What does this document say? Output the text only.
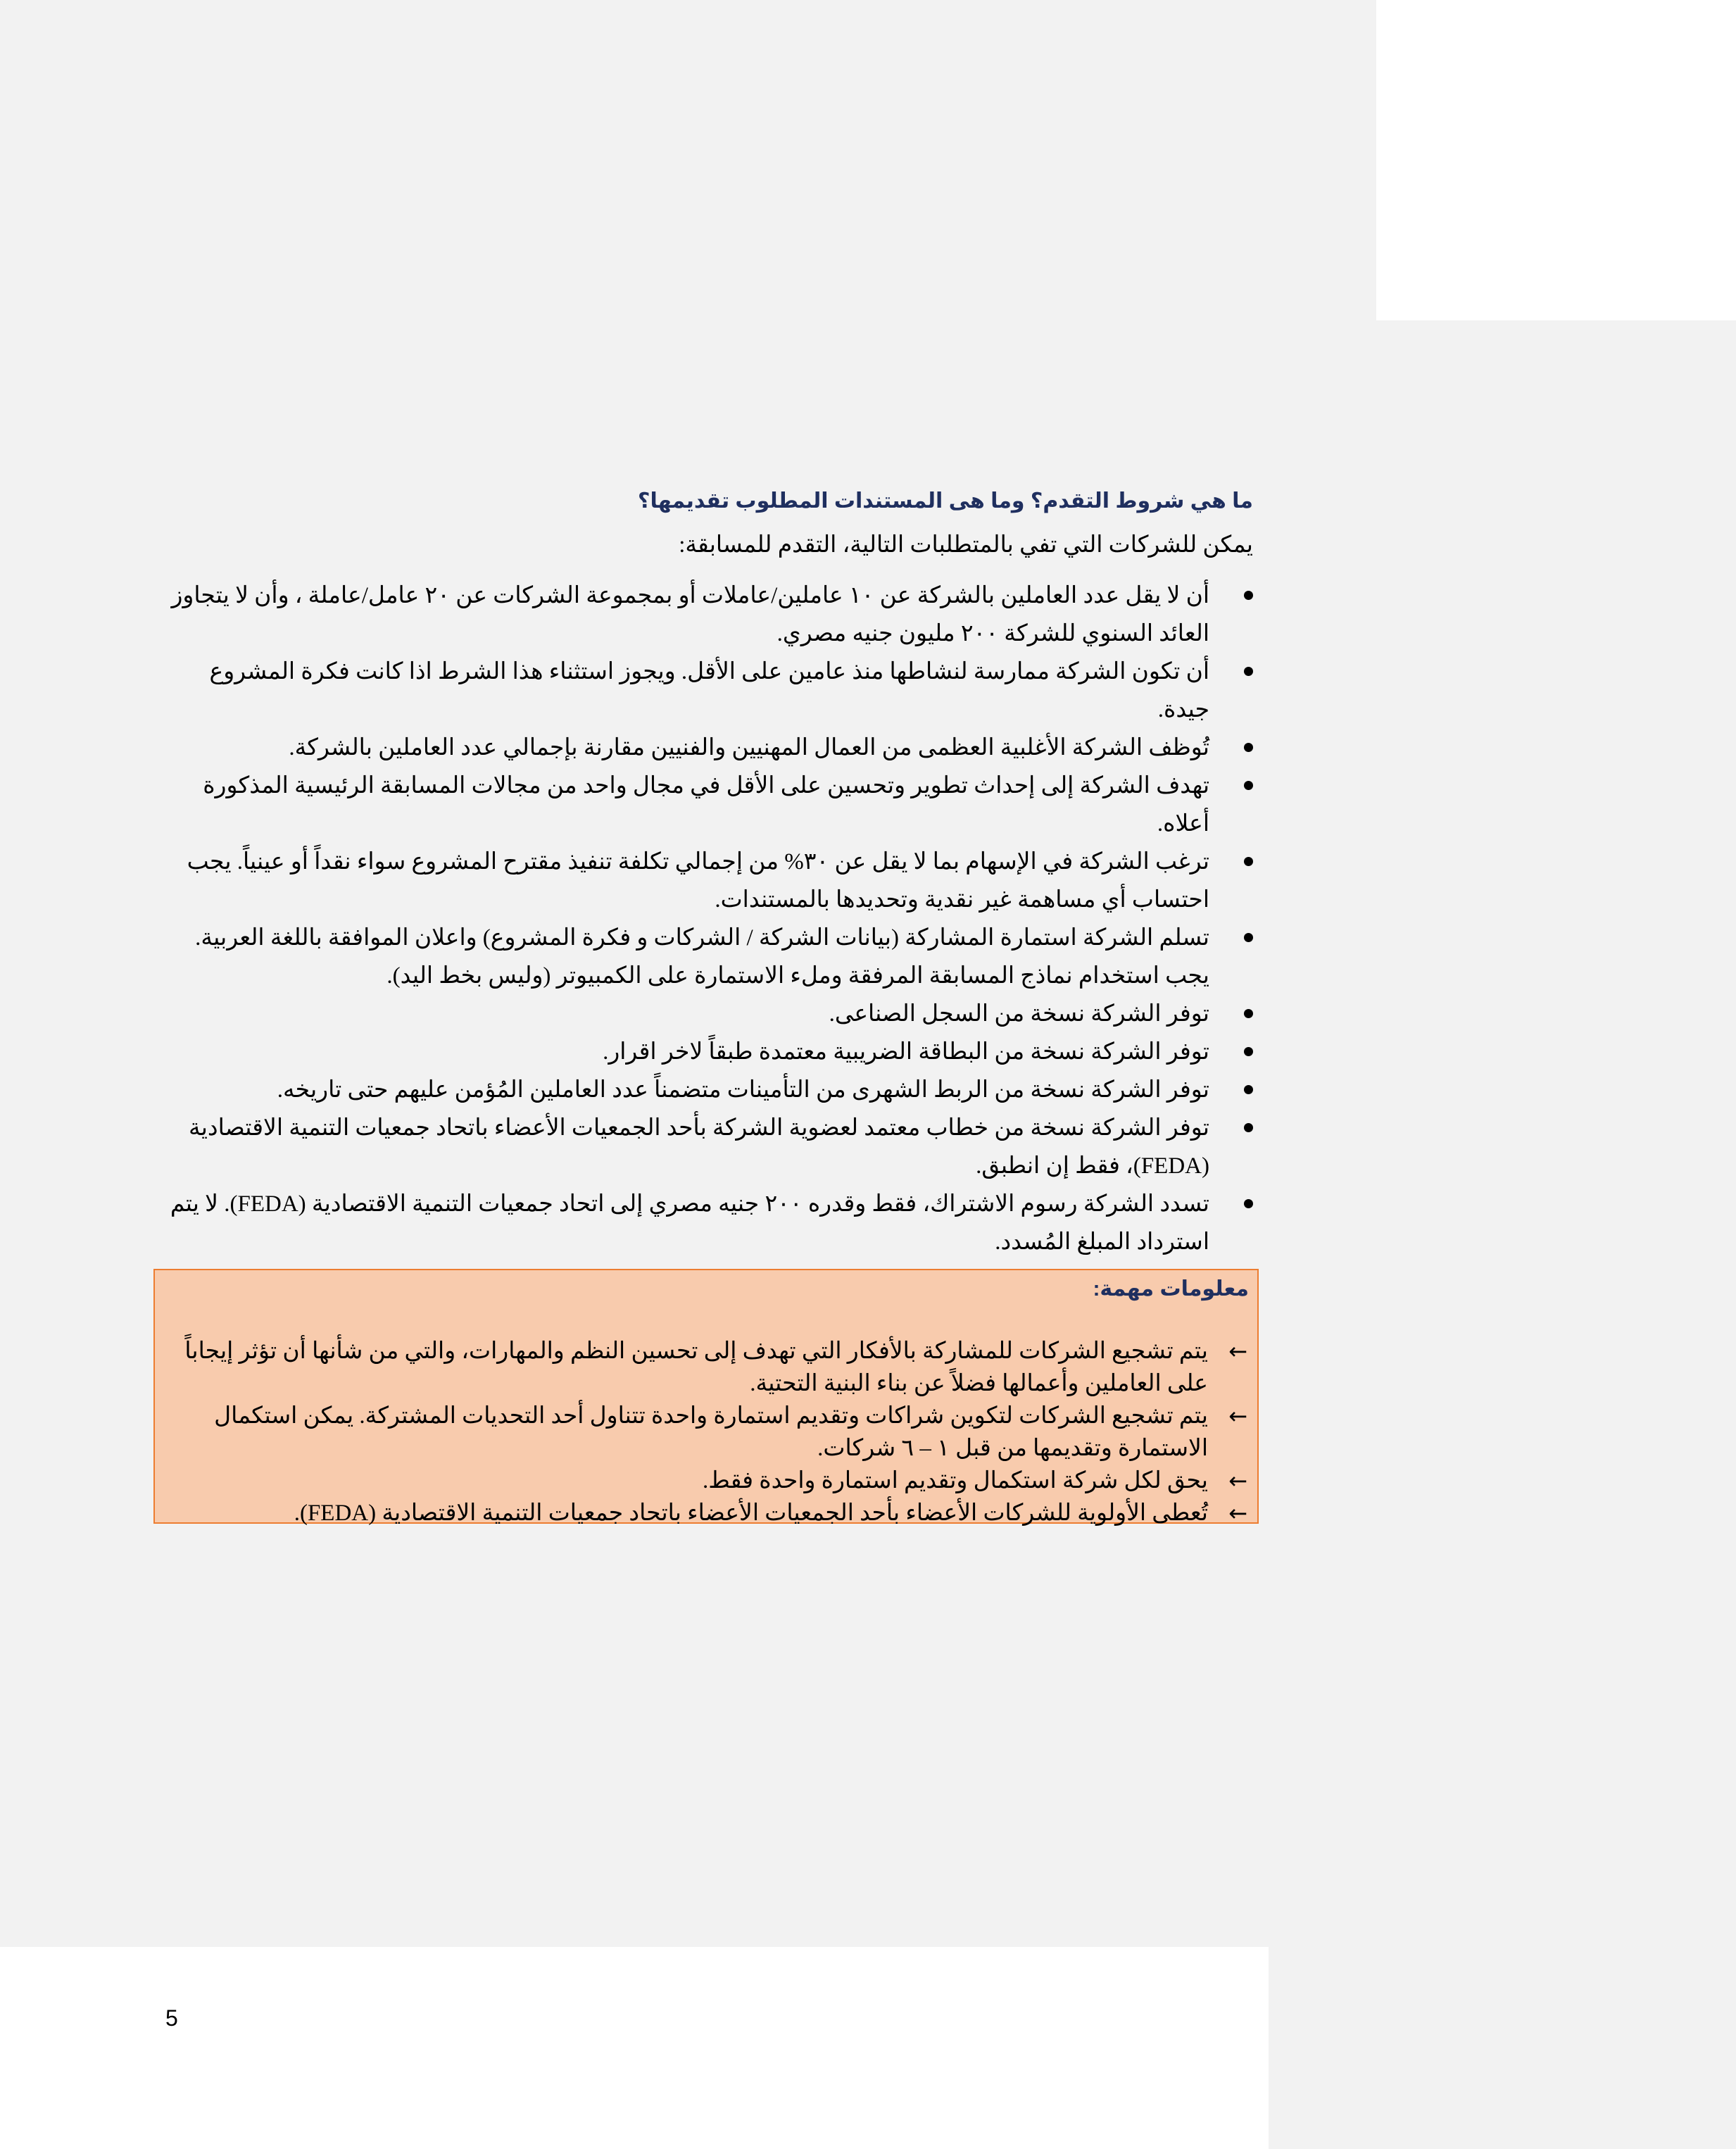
ما هي شروط التقدم؟ وما هى المستندات المطلوب تقديمها؟

يمكن للشركات التي تفي بالمتطلبات التالية، التقدم للمسابقة:

أن لا يقل عدد العاملين بالشركة عن ١٠ عاملين/عاملات أو بمجموعة الشركات عن ٢٠ عامل/عاملة ، وأن لا يتجاوز العائد السنوي للشركة ٢٠٠ مليون جنيه مصري.
أن تكون الشركة ممارسة لنشاطها منذ عامين على الأقل. ويجوز استثناء هذا الشرط اذا كانت فكرة المشروع جيدة.
تُوظف الشركة الأغلبية العظمى من العمال المهنيين والفنيين مقارنة بإجمالي عدد العاملين بالشركة.
تهدف الشركة إلى إحداث تطوير وتحسين على الأقل في مجال واحد من مجالات المسابقة الرئيسية المذكورة أعلاه.
ترغب الشركة في الإسهام بما لا يقل عن ٣٠% من إجمالي تكلفة تنفيذ مقترح المشروع سواء نقداً أو عينياً. يجب احتساب أي مساهمة غير نقدية وتحديدها بالمستندات.
تسلم الشركة استمارة المشاركة (بيانات الشركة / الشركات و فكرة المشروع) واعلان الموافقة باللغة العربية. يجب استخدام نماذج المسابقة المرفقة وملء الاستمارة على الكمبيوتر (وليس بخط اليد).
توفر الشركة نسخة من السجل الصناعى.
توفر الشركة نسخة من البطاقة الضريبية معتمدة طبقاً لاخر اقرار.
توفر الشركة نسخة من الربط الشهرى من التأمينات متضمناً عدد العاملين المُؤمن عليهم حتى تاريخه.
توفر الشركة نسخة من خطاب معتمد لعضوية الشركة بأحد الجمعيات الأعضاء باتحاد جمعيات التنمية الاقتصادية (FEDA)، فقط إن انطبق.
تسدد الشركة رسوم الاشتراك، فقط وقدره ٢٠٠ جنيه مصري إلى اتحاد جمعيات التنمية الاقتصادية (FEDA). لا يتم استرداد المبلغ المُسدد.
معلومات مهمة:
←
يتم تشجيع الشركات للمشاركة بالأفكار التي تهدف إلى تحسين النظم والمهارات، والتي من شأنها أن تؤثر إيجاباً على العاملين وأعمالها فضلاً عن بناء البنية التحتية.
←
يتم تشجيع الشركات لتكوين شراكات وتقديم استمارة واحدة تتناول أحد التحديات المشتركة. يمكن استكمال الاستمارة وتقديمها من قبل ١ – ٦ شركات.
←
يحق لكل شركة استكمال وتقديم استمارة واحدة فقط.
←
تُعطى الأولوية للشركات الأعضاء بأحد الجمعيات الأعضاء باتحاد جمعيات التنمية الاقتصادية (FEDA).
5
